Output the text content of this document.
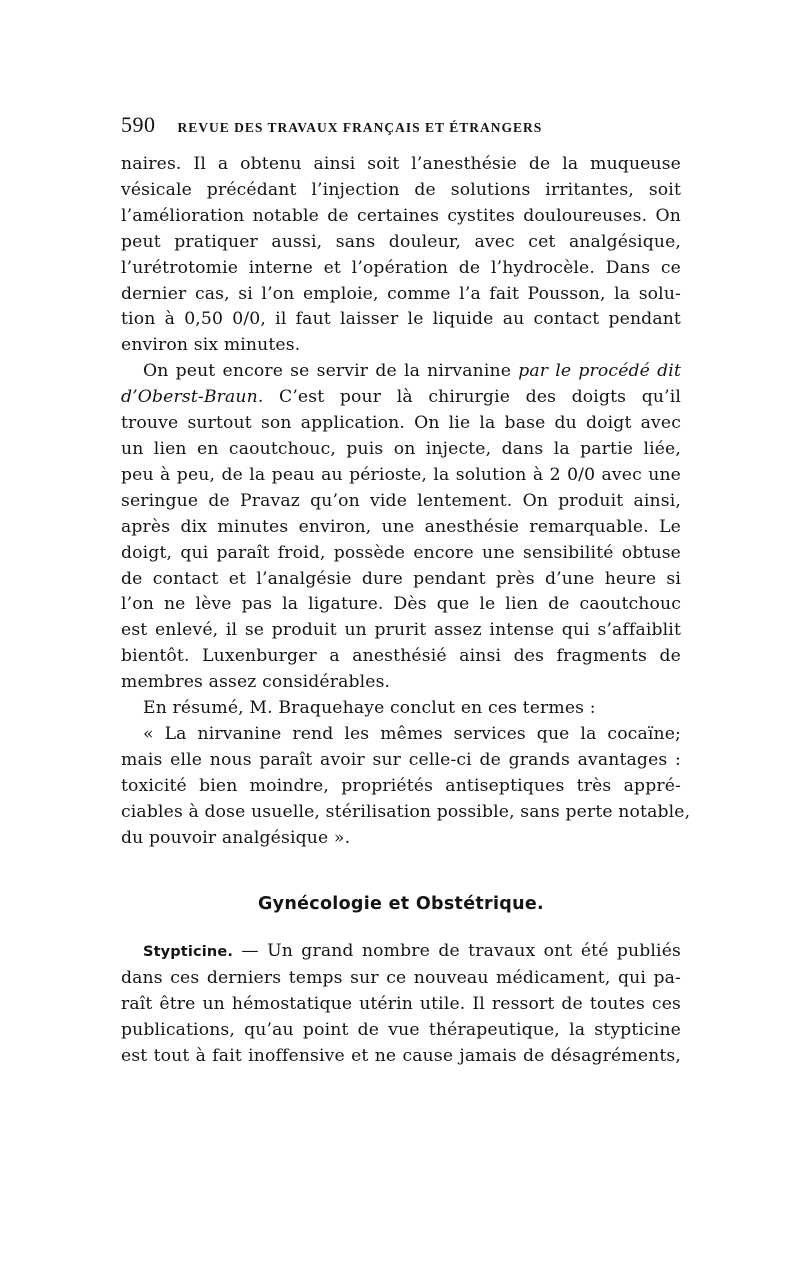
590 REVUE DES TRAVAUX FRANÇAIS ET ÉTRANGERS

naires. Il a obtenu ainsi soit l’anesthésie de la muqueuse
vésicale précédant l’injection de solutions irritantes, soit
l’amélioration notable de certaines cystites douloureuses. On
peut pratiquer aussi, sans douleur, avec cet analgésique,
l’urétrotomie interne et l’opération de l’hydrocèle. Dans ce
dernier cas, si l’on emploie, comme l’a fait Pousson, la solu-
tion à 0,50 0/0, il faut laisser le liquide au contact pendant
environ six minutes.

On peut encore se servir de la nirvanine par le procédé dit
d’Oberst-Braun. C’est pour là chirurgie des doigts qu’il
trouve surtout son application. On lie la base du doigt avec
un lien en caoutchouc, puis on injecte, dans la partie liée,
peu à peu, de la peau au périoste, la solution à 2 0/0 avec une
seringue de Pravaz qu’on vide lentement. On produit ainsi,
après dix minutes environ, une anesthésie remarquable. Le
doigt, qui paraît froid, possède encore une sensibilité obtuse
de contact et l’analgésie dure pendant près d’une heure si
l’on ne lève pas la ligature. Dès que le lien de caoutchouc
est enlevé, il se produit un prurit assez intense qui s’affaiblit
bientôt. Luxenburger a anesthésié ainsi des fragments de
membres assez considérables.

En résumé, M. Braquehaye conclut en ces termes :

« La nirvanine rend les mêmes services que la cocaïne;
mais elle nous paraît avoir sur celle-ci de grands avantages :
toxicité bien moindre, propriétés antiseptiques très appré-
ciables à dose usuelle, stérilisation possible, sans perte notable,
du pouvoir analgésique ».

Gynécologie et Obstétrique.

Stypticine. — Un grand nombre de travaux ont été publiés
dans ces derniers temps sur ce nouveau médicament, qui pa-
raît être un hémostatique utérin utile. Il ressort de toutes ces
publications, qu’au point de vue thérapeutique, la stypticine
est tout à fait inoffensive et ne cause jamais de désagréments,
